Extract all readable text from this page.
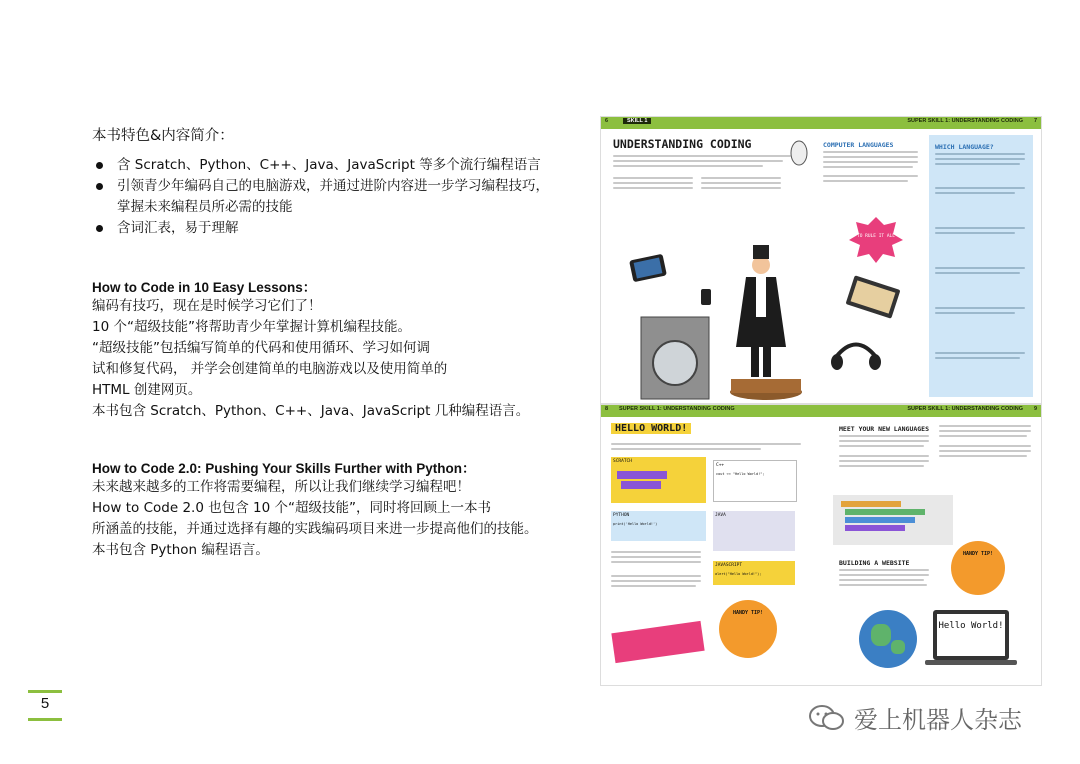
本书特色&内容简介：
含 Scratch、Python、C++、Java、JavaScript 等多个流行编程语言
引领青少年编码自己的电脑游戏，并通过进阶内容进一步学习编程技巧，
掌握未来编程员所必需的技能
含词汇表，易于理解
How to Code in 10 Easy Lessons：
编码有技巧，现在是时候学习它们了！
10 个“超级技能”将帮助青少年掌握计算机编程技能。
“超级技能”包括编写简单的代码和使用循环、学习如何调
试和修复代码， 并学会创建简单的电脑游戏以及使用简单的
HTML 创建网页。
本书包含 Scratch、Python、C++、Java、JavaScript 几种编程语言。
How to Code 2.0: Pushing Your Skills Further with Python：
未来越来越多的工作将需要编程，所以让我们继续学习编程吧！
How to Code 2.0 也包含 10 个“超级技能”，同时将回顾上一本书
所涵盖的技能，并通过选择有趣的实践编码项目来进一步提高他们的技能。
本书包含 Python 编程语言。
5
6	SKILL 1	SUPER SKILL 1: UNDERSTANDING CODING 7
UNDERSTANDING CODING	COMPUTER LANGUAGES	WHICH LANGUAGE?
THE NEW CODE TO RULE IT ALL IS BRAIN IT!
8 SUPER SKILL 1: UNDERSTANDING CODING	SUPER SKILL 1: UNDERSTANDING CODING 9
HELLO WORLD!
SCRATCH
C++
cout << "Hello World!";
PYTHON
print('Hello World!')
JAVA
JAVASCRIPT
alert("Hello World!");
HANDY TIP!
MEET YOUR NEW LANGUAGES
HANDY TIP!
BUILDING A WEBSITE
Hello World!
爱上机器人杂志
